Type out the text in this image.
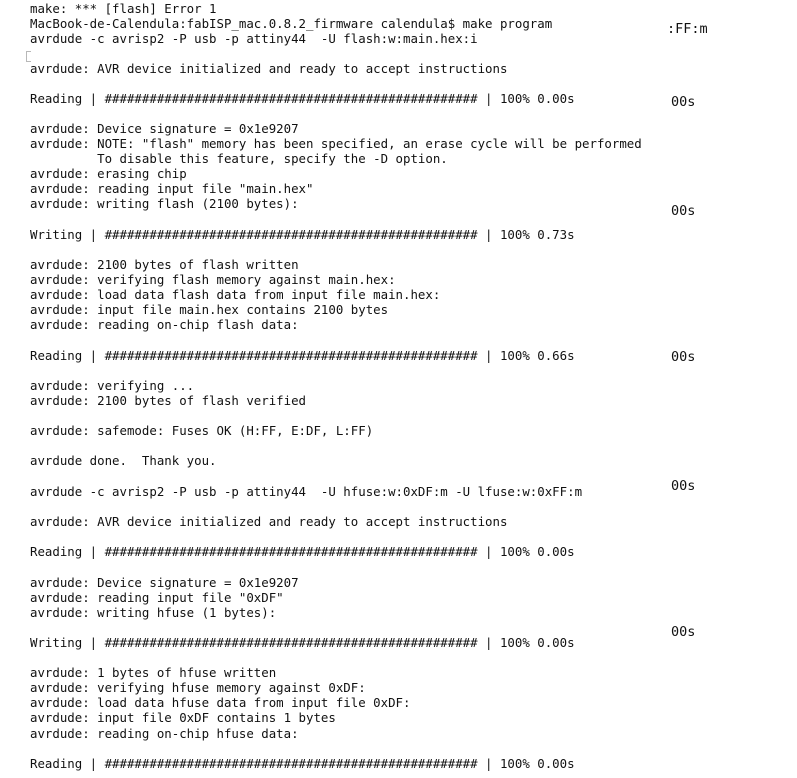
make: *** [flash] Error 1
MacBook-de-Calendula:fabISP_mac.0.8.2_firmware calendula$ make program
avrdude -c avrisp2 -P usb -p attiny44  -U flash:w:main.hex:i
avrdude: AVR device initialized and ready to accept instructions
Reading | ################################################## | 100% 0.00s
avrdude: Device signature = 0x1e9207
avrdude: NOTE: "flash" memory has been specified, an erase cycle will be performed
To disable this feature, specify the -D option.
avrdude: erasing chip
avrdude: reading input file "main.hex"
avrdude: writing flash (2100 bytes):
Writing | ################################################## | 100% 0.73s
avrdude: 2100 bytes of flash written
avrdude: verifying flash memory against main.hex:
avrdude: load data flash data from input file main.hex:
avrdude: input file main.hex contains 2100 bytes
avrdude: reading on-chip flash data:
Reading | ################################################## | 100% 0.66s
avrdude: verifying ...
avrdude: 2100 bytes of flash verified
avrdude: safemode: Fuses OK (H:FF, E:DF, L:FF)
avrdude done.  Thank you.
avrdude -c avrisp2 -P usb -p attiny44  -U hfuse:w:0xDF:m -U lfuse:w:0xFF:m
avrdude: AVR device initialized and ready to accept instructions
Reading | ################################################## | 100% 0.00s
avrdude: Device signature = 0x1e9207
avrdude: reading input file "0xDF"
avrdude: writing hfuse (1 bytes):
Writing | ################################################## | 100% 0.00s
avrdude: 1 bytes of hfuse written
avrdude: verifying hfuse memory against 0xDF:
avrdude: load data hfuse data from input file 0xDF:
avrdude: input file 0xDF contains 1 bytes
avrdude: reading on-chip hfuse data:
Reading | ################################################## | 100% 0.00s
:FF:m
00s
00s
00s
00s
00s
